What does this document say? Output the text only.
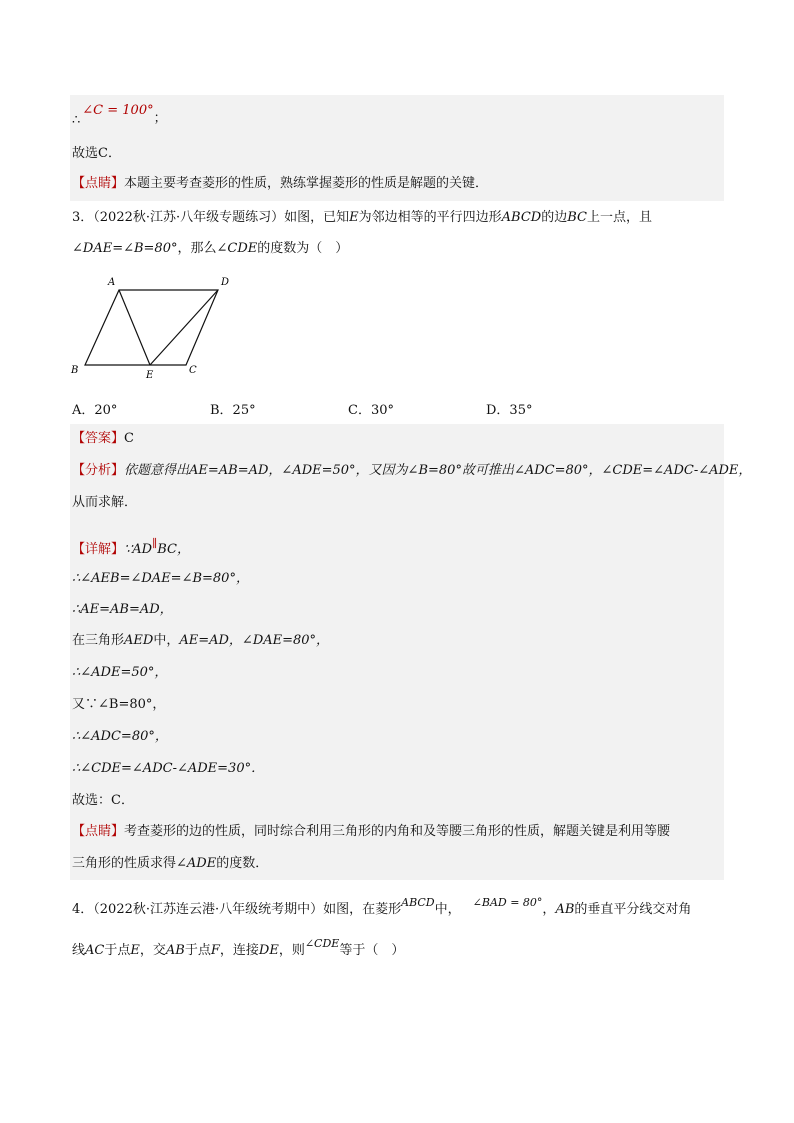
∴∠C = 100°；
故选C．
【点睛】本题主要考查菱形的性质，熟练掌握菱形的性质是解题的关键．
3．（2022秋·江苏·八年级专题练习）如图，已知E为邻边相等的平行四边形ABCD的边BC上一点，且
∠DAE=∠B=80°，那么∠CDE的度数为（　）
A	D
B	E	C
A．20°	B．25°	C．30°	D．35°
【答案】C
【分析】依题意得出AE=AB=AD，∠ADE=50°，又因为∠B=80°故可推出∠ADC=80°，∠CDE=∠ADC-∠ADE，
从而求解．
【详解】∵AD∥BC，
∴∠AEB=∠DAE=∠B=80°，
∴AE=AB=AD，
在三角形AED中，AE=AD，∠DAE=80°，
∴∠ADE=50°，
又∵∠B=80°，
∴∠ADC=80°，
∴∠CDE=∠ADC-∠ADE=30°．
故选：C．
【点睛】考查菱形的边的性质，同时综合利用三角形的内角和及等腰三角形的性质，解题关键是利用等腰
三角形的性质求得∠ADE的度数．
4．（2022秋·江苏连云港·八年级统考期中）如图，在菱形$^{ABCD}$中， $^{\angle BAD = 80^\circ}$，AB的垂直平分线交对角
线AC于点E，交AB于点F，连接DE，则$^{\angle CDE}$等于（　）
